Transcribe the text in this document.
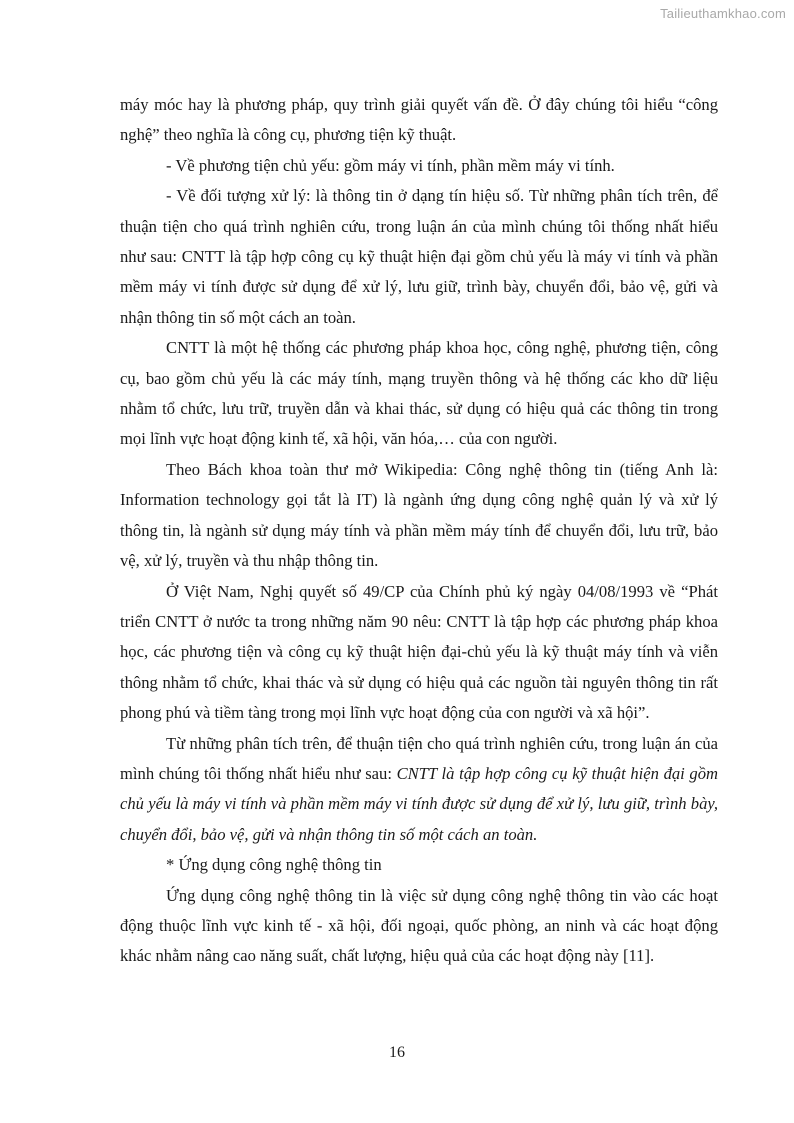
Tailieuthamkhao.com

máy móc hay là phương pháp, quy trình giải quyết vấn đề. Ở đây chúng tôi hiểu “công nghệ” theo nghĩa là công cụ, phương tiện kỹ thuật.

- Về phương tiện chủ yếu: gồm máy vi tính, phần mềm máy vi tính.

- Về đối tượng xử lý: là thông tin ở dạng tín hiệu số. Từ những phân tích trên, để thuận tiện cho quá trình nghiên cứu, trong luận án của mình chúng tôi thống nhất hiểu như sau: CNTT là tập hợp công cụ kỹ thuật hiện đại gồm chủ yếu là máy vi tính và phần mềm máy vi tính được sử dụng để xử lý, lưu giữ, trình bày, chuyển đổi, bảo vệ, gửi và nhận thông tin số một cách an toàn.

CNTT là một hệ thống các phương pháp khoa học, công nghệ, phương tiện, công cụ, bao gồm chủ yếu là các máy tính, mạng truyền thông và hệ thống các kho dữ liệu nhằm tổ chức, lưu trữ, truyền dẫn và khai thác, sử dụng có hiệu quả các thông tin trong mọi lĩnh vực hoạt động kinh tế, xã hội, văn hóa,… của con người.

Theo Bách khoa toàn thư mở Wikipedia: Công nghệ thông tin (tiếng Anh là: Information technology gọi tắt là IT) là ngành ứng dụng công nghệ quản lý và xử lý thông tin, là ngành sử dụng máy tính và phần mềm máy tính để chuyển đổi, lưu trữ, bảo vệ, xử lý, truyền và thu nhập thông tin.

Ở Việt Nam, Nghị quyết số 49/CP của Chính phủ ký ngày 04/08/1993 về “Phát triển CNTT ở nước ta trong những năm 90 nêu: CNTT là tập hợp các phương pháp khoa học, các phương tiện và công cụ kỹ thuật hiện đại-chủ yếu là kỹ thuật máy tính và viễn thông nhằm tổ chức, khai thác và sử dụng có hiệu quả các nguồn tài nguyên thông tin rất phong phú và tiềm tàng trong mọi lĩnh vực hoạt động của con người và xã hội”.

Từ những phân tích trên, để thuận tiện cho quá trình nghiên cứu, trong luận án của mình chúng tôi thống nhất hiểu như sau: CNTT là tập hợp công cụ kỹ thuật hiện đại gồm chủ yếu là máy vi tính và phần mềm máy vi tính được sử dụng để xử lý, lưu giữ, trình bày, chuyển đổi, bảo vệ, gửi và nhận thông tin số một cách an toàn.

* Ứng dụng công nghệ thông tin

Ứng dụng công nghệ thông tin là việc sử dụng công nghệ thông tin vào các hoạt động thuộc lĩnh vực kinh tế - xã hội, đối ngoại, quốc phòng, an ninh và các hoạt động khác nhằm nâng cao năng suất, chất lượng, hiệu quả của các hoạt động này [11].

16
